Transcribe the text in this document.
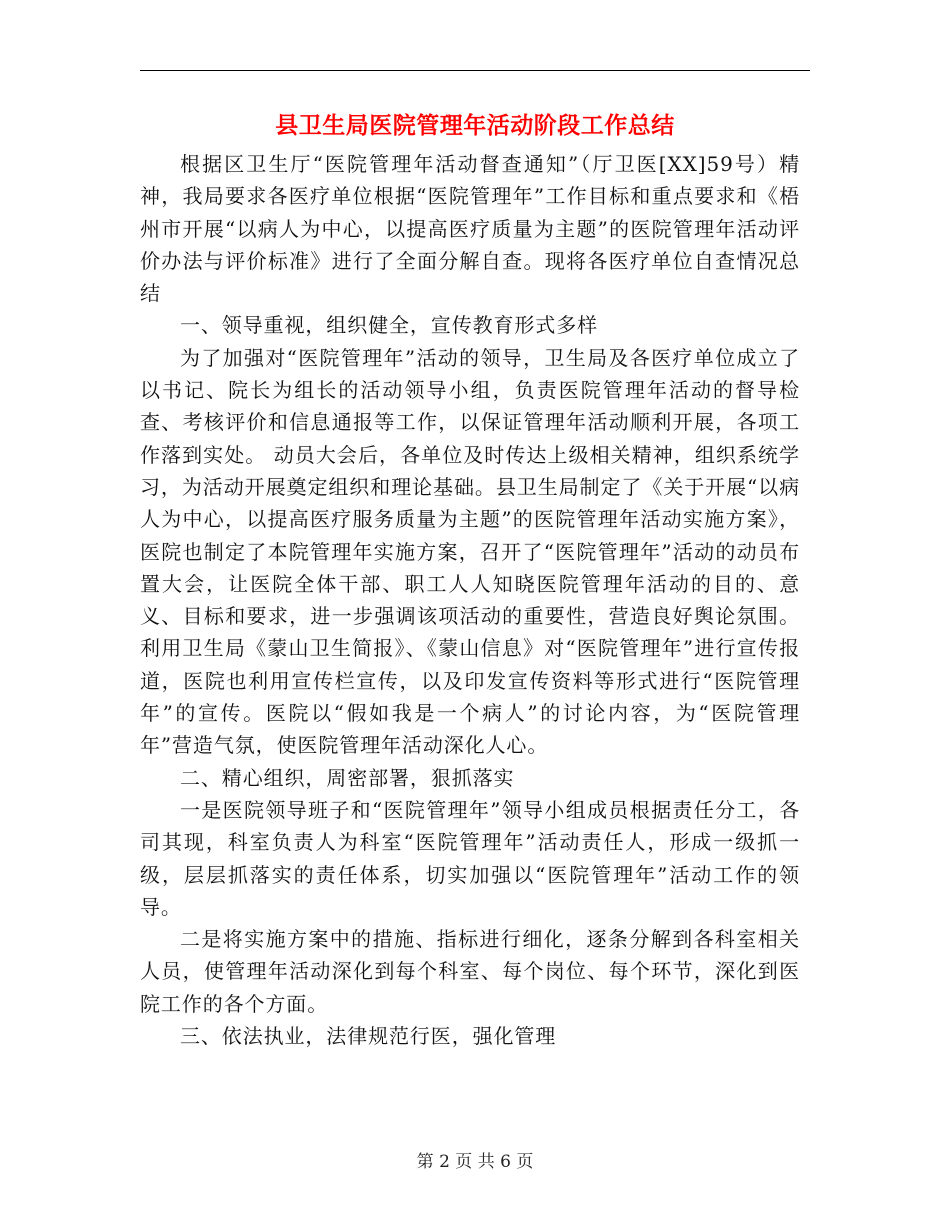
县卫生局医院管理年活动阶段工作总结

根据区卫生厅“医院管理年活动督查通知”（厅卫医[XX]59号）精神，我局要求各医疗单位根据“医院管理年”工作目标和重点要求和《梧州市开展“以病人为中心，以提高医疗质量为主题”的医院管理年活动评价办法与评价标准》进行了全面分解自查。现将各医疗单位自查情况总结

一、领导重视，组织健全，宣传教育形式多样

为了加强对“医院管理年”活动的领导，卫生局及各医疗单位成立了以书记、院长为组长的活动领导小组，负责医院管理年活动的督导检查、考核评价和信息通报等工作，以保证管理年活动顺利开展，各项工作落到实处。 动员大会后，各单位及时传达上级相关精神，组织系统学习，为活动开展奠定组织和理论基础。县卫生局制定了《关于开展“以病人为中心，以提高医疗服务质量为主题”的医院管理年活动实施方案》，医院也制定了本院管理年实施方案，召开了“医院管理年”活动的动员布置大会，让医院全体干部、职工人人知晓医院管理年活动的目的、意义、目标和要求，进一步强调该项活动的重要性，营造良好舆论氛围。 利用卫生局《蒙山卫生简报》、《蒙山信息》对“医院管理年”进行宣传报道，医院也利用宣传栏宣传，以及印发宣传资料等形式进行“医院管理年”的宣传。医院以“假如我是一个病人”的讨论内容，为“医院管理年”营造气氛，使医院管理年活动深化人心。

二、精心组织，周密部署，狠抓落实

一是医院领导班子和“医院管理年”领导小组成员根据责任分工，各司其现，科室负责人为科室“医院管理年”活动责任人，形成一级抓一级，层层抓落实的责任体系，切实加强以“医院管理年”活动工作的领导。

二是将实施方案中的措施、指标进行细化，逐条分解到各科室相关人员，使管理年活动深化到每个科室、每个岗位、每个环节，深化到医院工作的各个方面。

三、依法执业，法律规范行医，强化管理

第 2 页 共 6 页
